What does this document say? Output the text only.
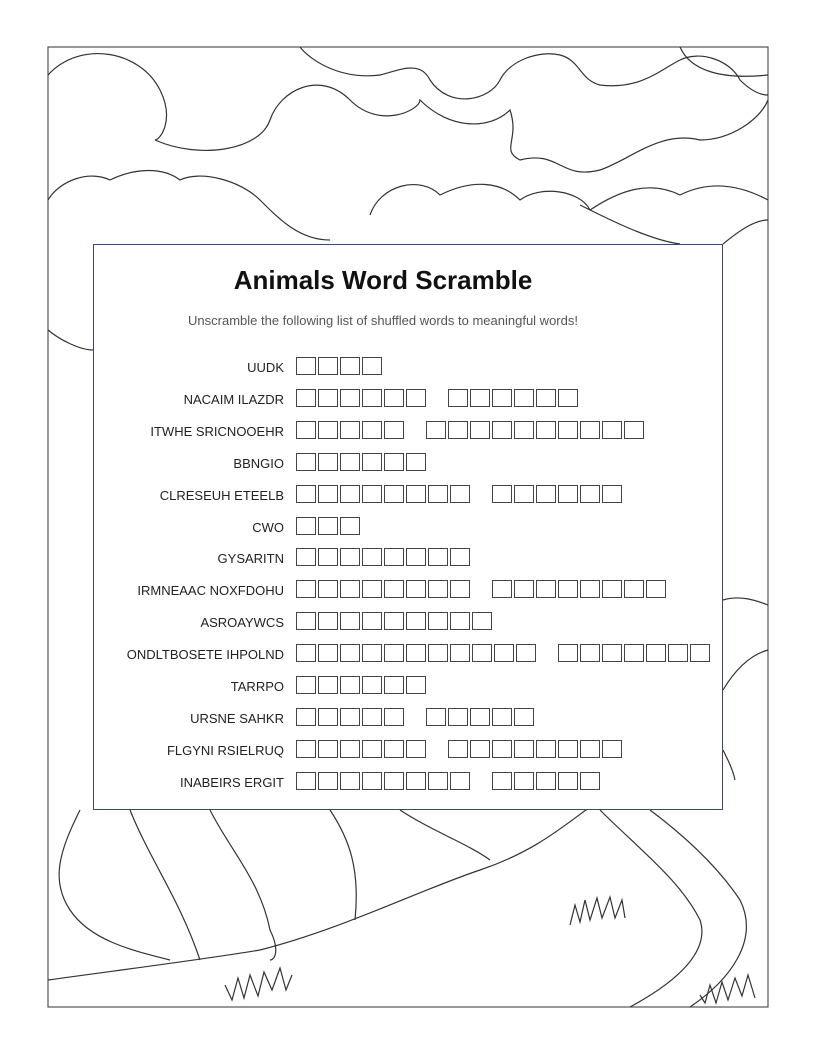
Animals Word Scramble
Unscramble the following list of shuffled words to meaningful words!
UUDK
NACAIM ILAZDR
ITWHE SRICNOOEHR
BBNGIO
CLRESEUH ETEELB
CWO
GYSARITN
IRMNEAAC NOXFDOHU
ASROAYWCS
ONDLTBOSETE IHPOLND
TARRPO
URSNE SAHKR
FLGYNI RSIELRUQ
INABEIRS ERGIT
